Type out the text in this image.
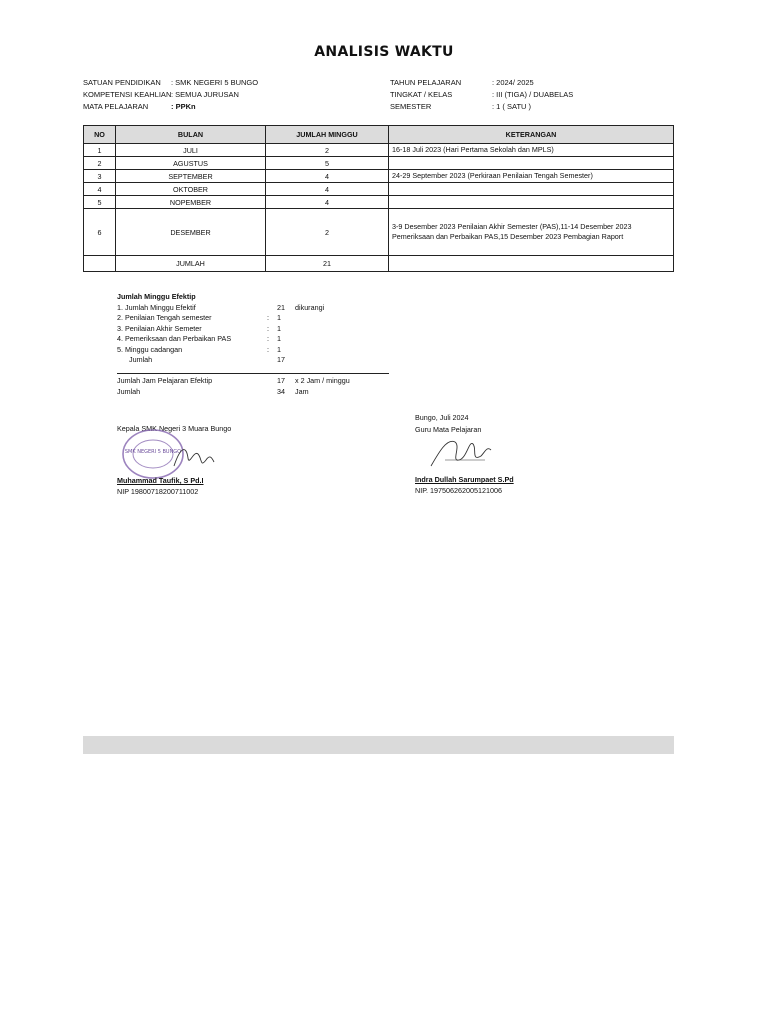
ANALISIS WAKTU
SATUAN PENDIDIKAN : SMK NEGERI 5 BUNGO
KOMPETENSI KEAHLIAN: SEMUA JURUSAN
MATA PELAJARAN	: PPKn
TAHUN PELAJARAN	: 2024/ 2025
TINGKAT / KELAS	: III (TIGA) / DUABELAS
SEMESTER	: 1 ( SATU )
NO	BULAN	JUMLAH MINGGU	KETERANGAN
1	JULI	2	16-18 Juli 2023 (Hari Pertama Sekolah dan MPLS)
2	AGUSTUS	5	
3	SEPTEMBER	4	24-29 September 2023 (Perkiraan Penilaian Tengah Semester)
4	OKTOBER	4	
5	NOPEMBER	4	
6	DESEMBER	2	3-9 Desember 2023 Penilaian Akhir Semester (PAS),11-14 Desember 2023 Pemeriksaan dan Perbaikan PAS,15 Desember 2023 Pembagian Raport
	JUMLAH	21	
Jumlah Minggu Efektip
1. Jumlah Minggu Efektif	21 dikurangi
2. Penilaian Tengah semester	: 1
3. Penilaian Akhir Semeter	: 1
4. Pemeriksaan dan Perbaikan PAS	: 1
5. Minggu cadangan	: 1
Jumlah	17
Jumlah Jam Pelajaran Efektip	17 x 2 Jam / minggu
Jumlah	34 Jam
Kepala SMK Negeri 3 Muara Bungo
SMK NEGERI 5 BUNGO
Muhammad Taufik, S Pd.I
NIP 19800718200711002
Bungo, Juli 2024
Guru Mata Pelajaran
Indra Dullah Sarumpaet S.Pd
NIP. 197506262005121006
